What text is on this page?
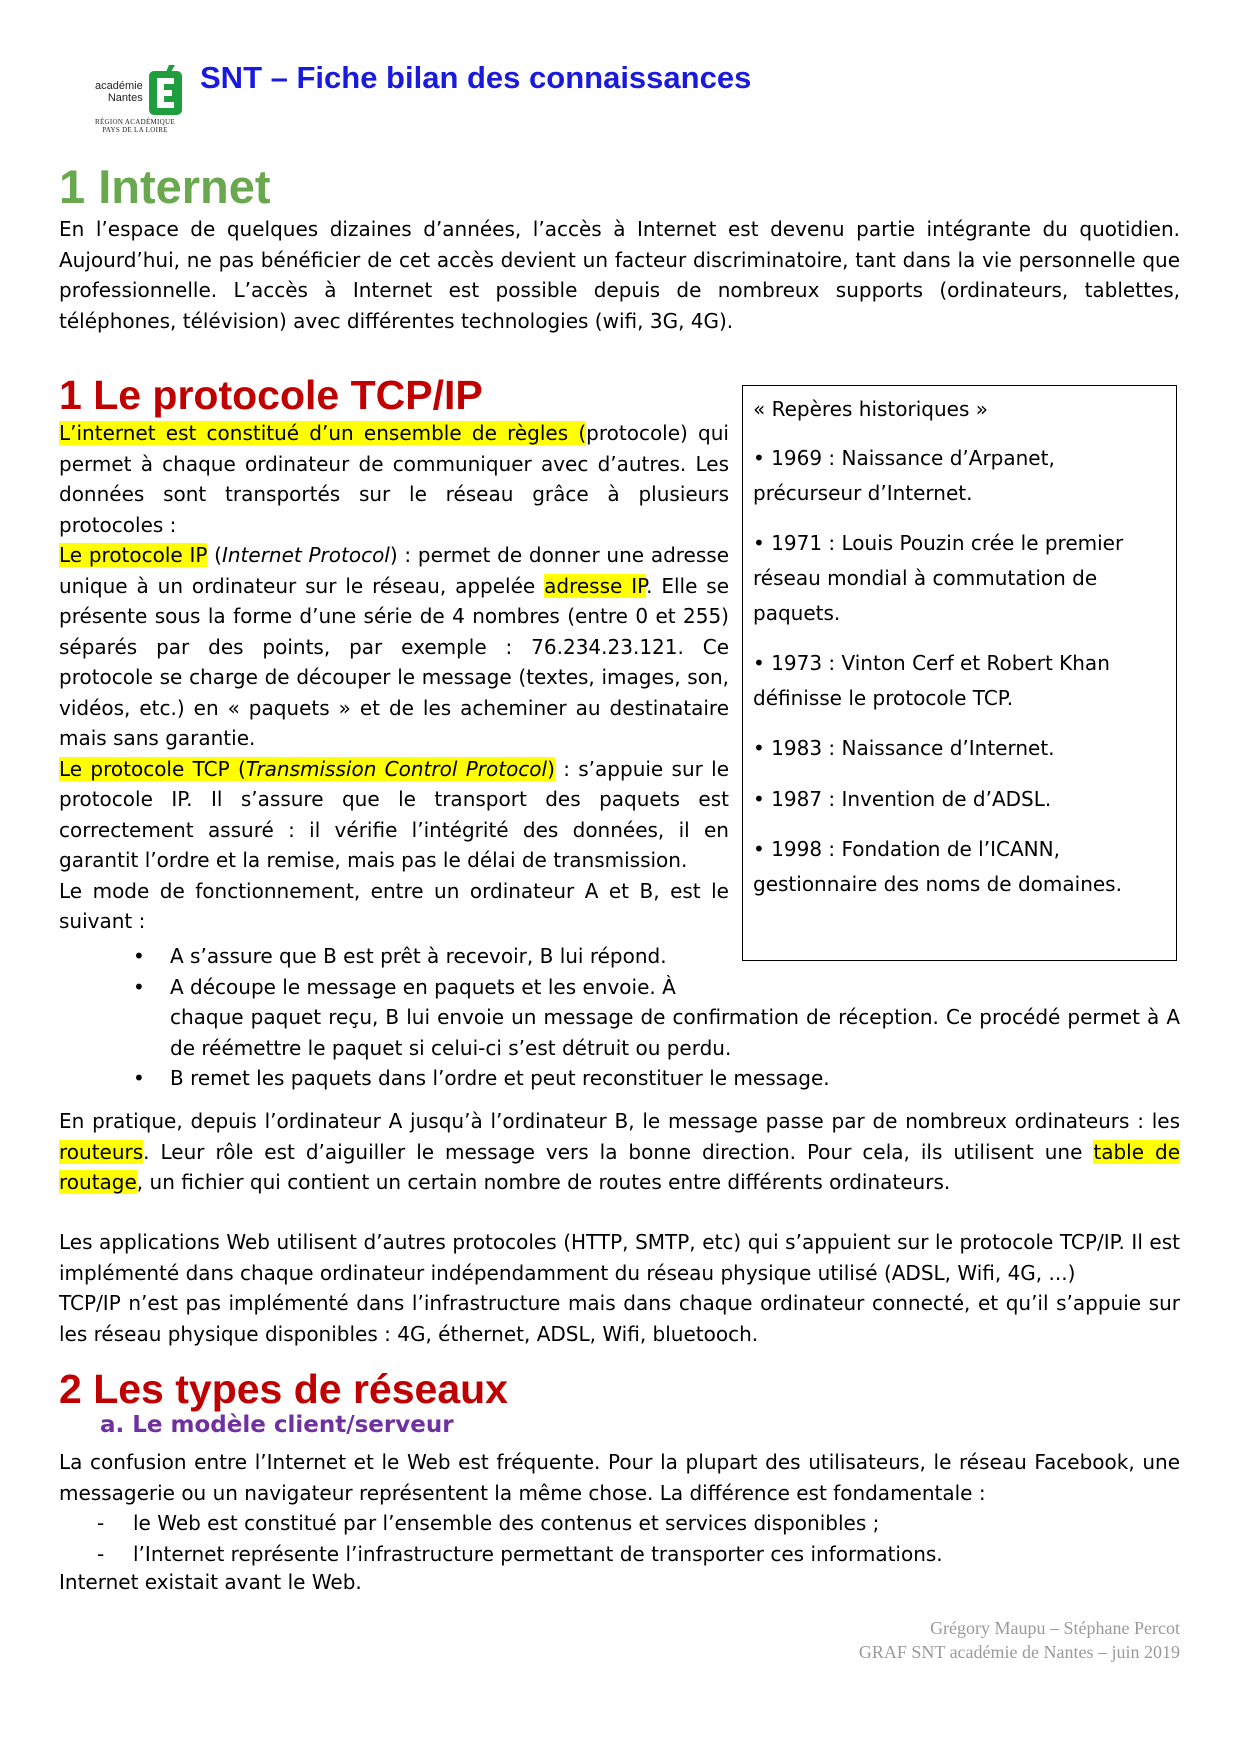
académie
Nantes
RÉGION ACADÉMIQUE
PAYS DE LA LOIRE
SNT – Fiche bilan des connaissances
1 Internet

En l’espace de quelques dizaines d’années, l’accès à Internet est devenu partie intégrante du quotidien. Aujourd’hui, ne pas bénéficier de cet accès devient un facteur discriminatoire, tant dans la vie personnelle que professionnelle. L’accès à Internet est possible depuis de nombreux supports (ordinateurs, tablettes, téléphones, télévision) avec différentes technologies (wifi, 3G, 4G).

1 Le protocole TCP/IP
L’internet est constitué d’un ensemble de règles (protocole) qui permet à chaque ordinateur de communiquer avec d’autres. Les données sont transportés sur le réseau grâce à plusieurs protocoles :
Le protocole IP (Internet Protocol) : permet de donner une adresse unique à un ordinateur sur le réseau, appelée adresse IP. Elle se présente sous la forme d’une série de 4 nombres (entre 0 et 255) séparés par des points, par exemple : 76.234.23.121. Ce protocole se charge de découper le message (textes, images, son, vidéos, etc.) en « paquets » et de les acheminer au destinataire mais sans garantie.
Le protocole TCP (Transmission Control Protocol) : s’appuie sur le protocole IP. Il s’assure que le transport des paquets est correctement assuré : il vérifie l’intégrité des données, il en garantit l’ordre et la remise, mais pas le délai de transmission.
Le mode de fonctionnement, entre un ordinateur A et B, est le suivant :
• A s’assure que B est prêt à recevoir, B lui répond.
• A découpe le message en paquets et les envoie. À
chaque paquet reçu, B lui envoie un message de confirmation de réception. Ce procédé permet à A de réémettre le paquet si celui-ci s’est détruit ou perdu.
• B remet les paquets dans l’ordre et peut reconstituer le message.

En pratique, depuis l’ordinateur A jusqu’à l’ordinateur B, le message passe par de nombreux ordinateurs : les routeurs. Leur rôle est d’aiguiller le message vers la bonne direction. Pour cela, ils utilisent une table de routage, un fichier qui contient un certain nombre de routes entre différents ordinateurs.

Les applications Web utilisent d’autres protocoles (HTTP, SMTP, etc) qui s’appuient sur le protocole TCP/IP. Il est implémenté dans chaque ordinateur indépendamment du réseau physique utilisé (ADSL, Wifi, 4G, ...)
TCP/IP n’est pas implémenté dans l’infrastructure mais dans chaque ordinateur connecté, et qu’il s’appuie sur les réseau physique disponibles : 4G, éthernet, ADSL, Wifi, bluetooch.

« Repères historiques »
• 1969 : Naissance d’Arpanet, précurseur d’Internet.
• 1971 : Louis Pouzin crée le premier réseau mondial à commutation de paquets.
• 1973 : Vinton Cerf et Robert Khan définisse le protocole TCP.
• 1983 : Naissance d’Internet.
• 1987 : Invention de d’ADSL.
• 1998 : Fondation de l’ICANN, gestionnaire des noms de domaines.
2 Les types de réseaux
a. Le modèle client/serveur

La confusion entre l’Internet et le Web est fréquente. Pour la plupart des utilisateurs, le réseau Facebook, une messagerie ou un navigateur représentent la même chose. La différence est fondamentale :

- le Web est constitué par l’ensemble des contenus et services disponibles ;
- l’Internet représente l’infrastructure permettant de transporter ces informations.

Internet existait avant le Web.

Grégory Maupu – Stéphane Percot
GRAF SNT académie de Nantes – juin 2019
